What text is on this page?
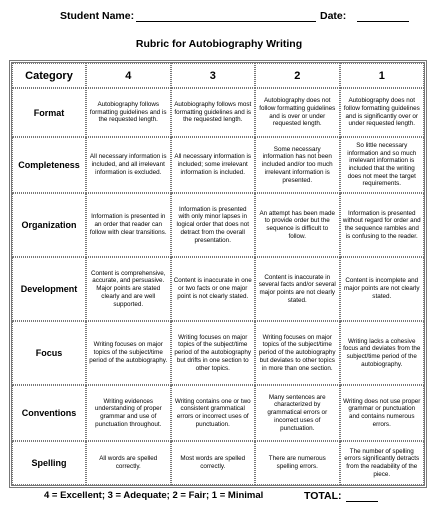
Student Name:	Date:
Rubric for Autobiography Writing
Category	4	3	2	1
Format	Autobiography follows formatting guidelines and is the requested length.	Autobiography follows most formatting guidelines and is the requested length.	Autobiography does not follow formatting guidelines and is over or under requested length.	Autobiography does not follow formatting guidelines and is significantly over or under requested length.
Completeness	All necessary information is included, and all irrelevant information is excluded.	All necessary information is included; some irrelevant information is included.	Some necessary information has not been included and/or too much irrelevant information is presented.	So little necessary information and so much irrelevant information is included that the writing does not meet the target requirements.
Organization	Information is presented in an order that reader can follow with clear transitions.	Information is presented with only minor lapses in logical order that does not detract from the overall presentation.	An attempt has been made to provide order but the sequence is difficult to follow.	Information is presented without regard for order and the sequence rambles and is confusing to the reader.
Development	Content is comprehensive, accurate, and persuasive. Major points are stated clearly and are well supported.	Content is inaccurate in one or two facts or one major point is not clearly stated.	Content is inaccurate in several facts and/or several major points are not clearly stated.	Content is incomplete and major points are not clearly stated.
Focus	Writing focuses on major topics of the subject/time period of the autobiography.	Writing focuses on major topics of the subject/time period of the autobiography but drifts in one section to other topics.	Writing focuses on major topics of the subject/time period of the autobiography but deviates to other topics in more than one section.	Writing lacks a cohesive focus and deviates from the subject/time period of the autobiography.
Conventions	Writing evidences understanding of proper grammar and use of punctuation throughout.	Writing contains one or two consistent grammatical errors or incorrect uses of punctuation.	Many sentences are characterized by grammatical errors or incorrect uses of punctuation.	Writing does not use proper grammar or punctuation and contains numerous errors.
Spelling	All words are spelled correctly.	Most words are spelled correctly.	There are numerous spelling errors.	The number of spelling errors significantly detracts from the readability of the piece.
4 = Excellent; 3 = Adequate; 2 = Fair; 1 = Minimal	TOTAL:
